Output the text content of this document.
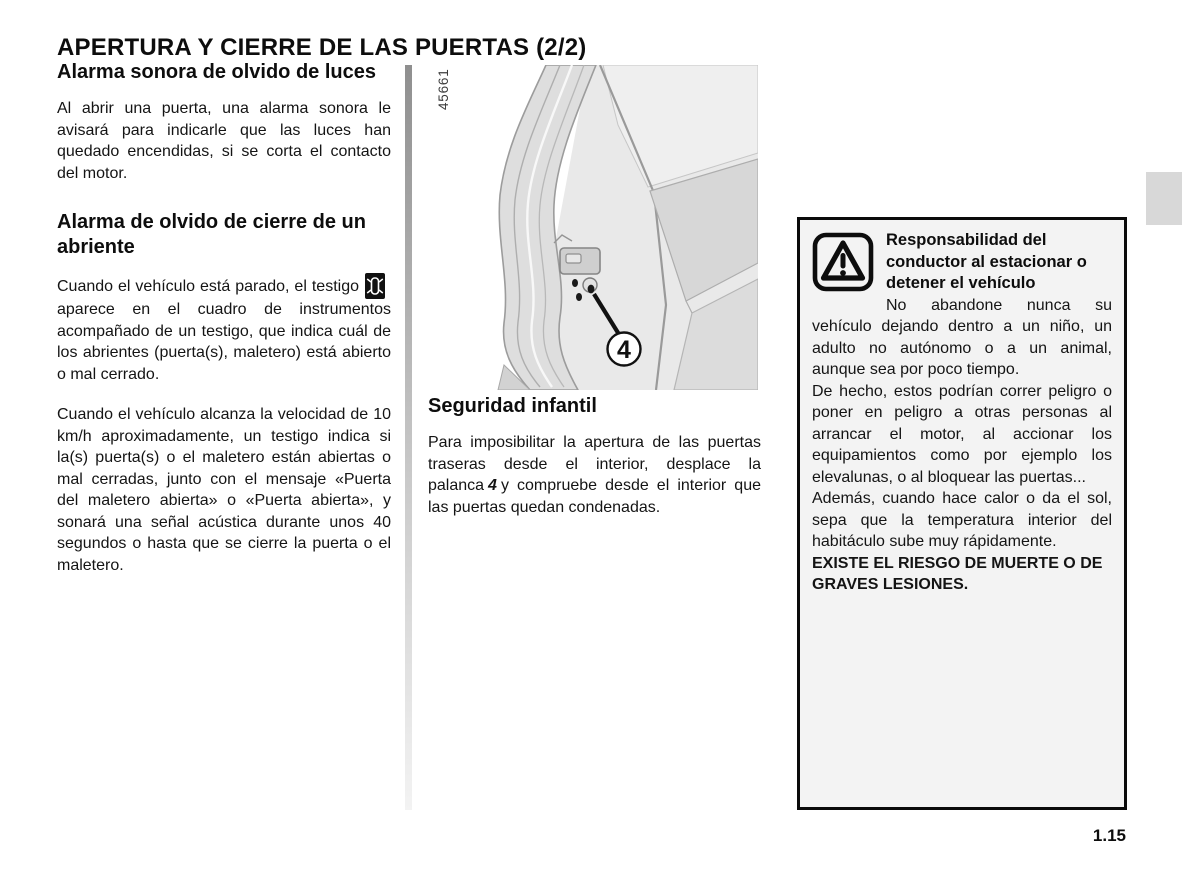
APERTURA Y CIERRE DE LAS PUERTAS (2/2)
Alarma sonora de olvido de luces

Al abrir una puerta, una alarma sonora le avisará para indicarle que las luces han quedado encendidas, si se corta el contacto del motor.

Alarma de olvido de cierre de un abriente

Cuando el vehículo está parado, el testigoaparece en el cuadro de instrumentos acompañado de un testigo, que indica cuál de los abrientes (puerta(s), maletero) está abierto o mal cerrado.

Cuando el vehículo alcanza la velocidad de 10 km/h aproximadamente, un testigo indica si la(s) puerta(s) o el maletero están abiertas o mal cerradas, junto con el mensaje «Puerta del maletero abierta» o «Puerta abierta», y sonará una señal acústica durante unos 40 segundos o hasta que se cierre la puerta o el maletero.

45661
4
Seguridad infantil

Para imposibilitar la apertura de las puertas traseras desde el interior, desplace la palanca 4 y compruebe desde el interior que las puertas quedan condenadas.

Responsabilidad del conductor al estacionar o detener el vehículo

No abandone nunca su vehículo dejando dentro a un niño, un adulto no autónomo o a un animal, aunque sea por poco tiempo.

De hecho, estos podrían correr peligro o poner en peligro a otras personas al arrancar el motor, al accionar los equipamientos como por ejemplo los elevalunas, o al bloquear las puertas...

Además, cuando hace calor o da el sol, sepa que la temperatura interior del habitáculo sube muy rápidamente.

EXISTE EL RIESGO DE MUERTE O DE GRAVES LESIONES.

1.15
